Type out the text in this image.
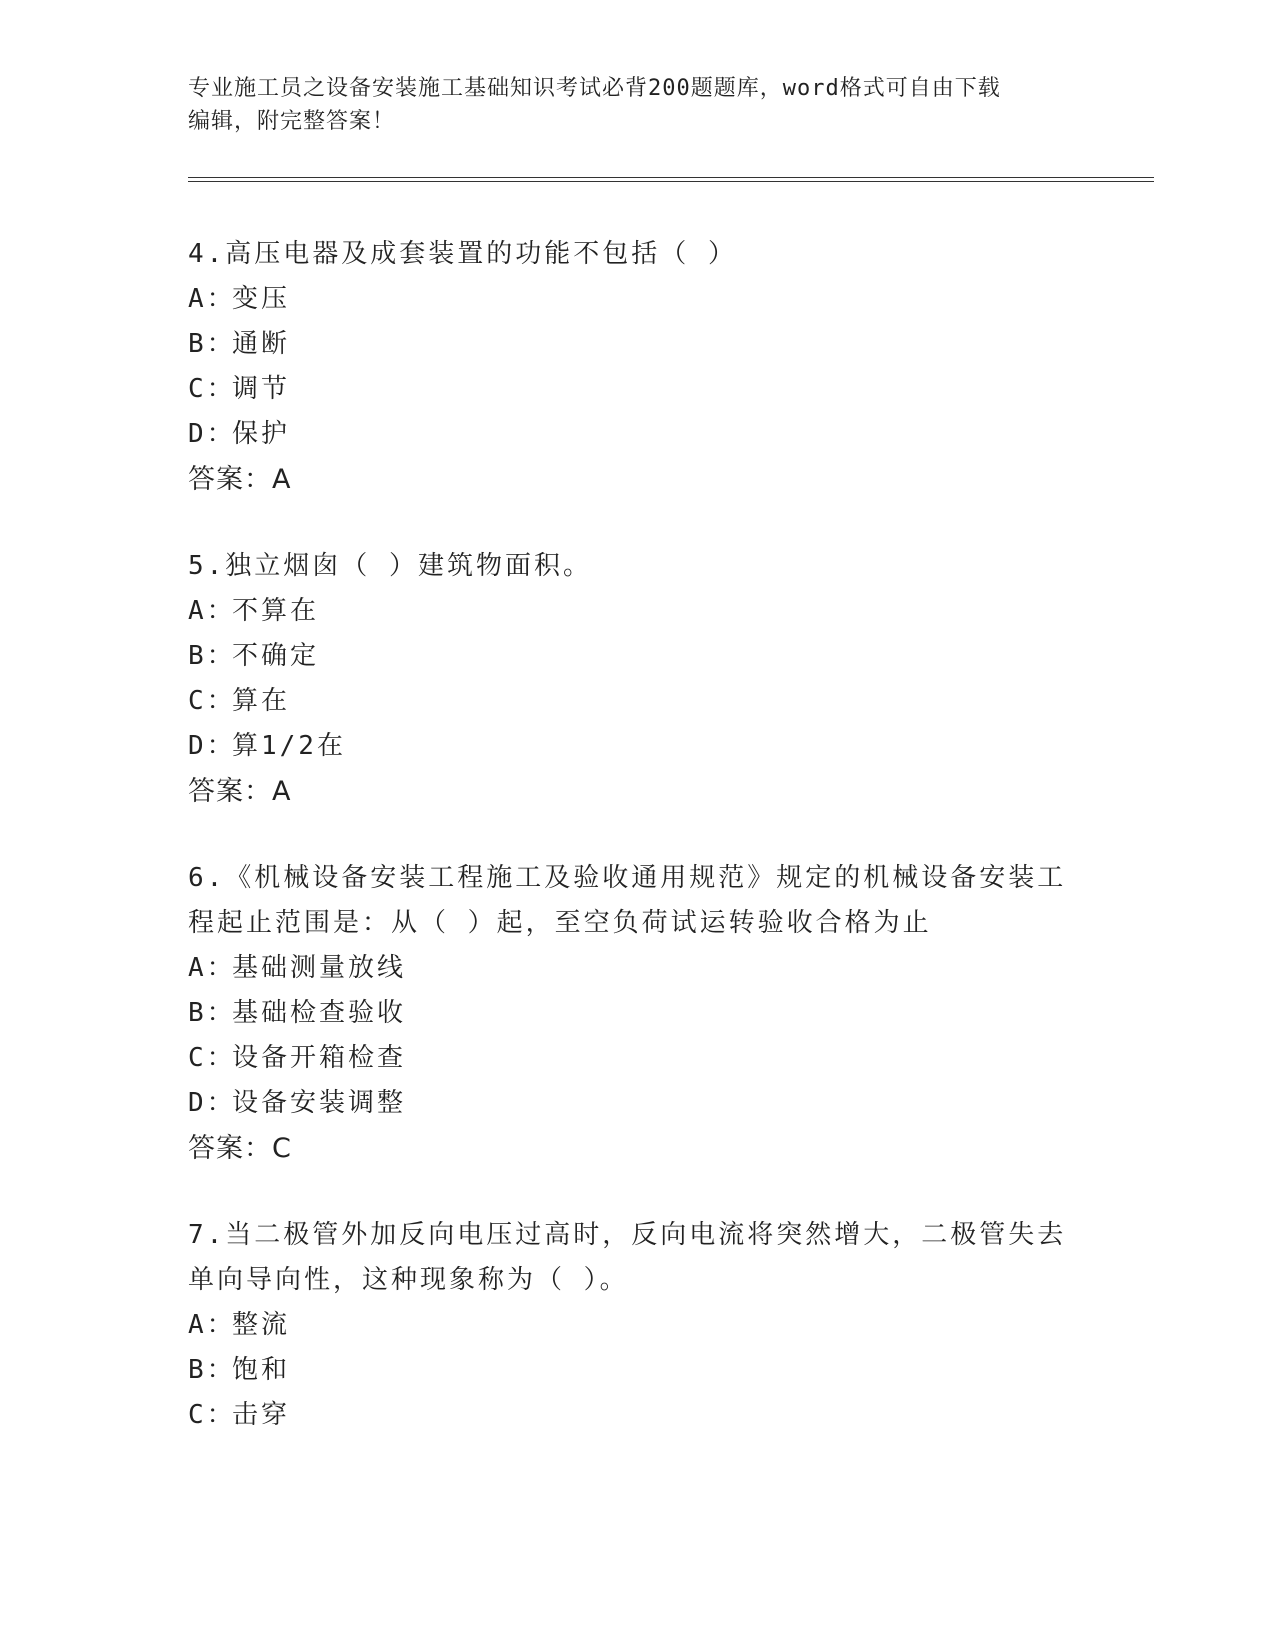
专业施工员之设备安装施工基础知识考试必背200题题库，word格式可自由下载
编辑，附完整答案！
4.高压电器及成套装置的功能不包括（ ）
A：变压
B：通断
C：调节
D：保护
答案：A
5.独立烟囱（ ）建筑物面积。
A：不算在
B：不确定
C：算在
D：算1/2在
答案：A
6.《机械设备安装工程施工及验收通用规范》规定的机械设备安装工程起止范围是：从（ ）起，至空负荷试运转验收合格为止
A：基础测量放线
B：基础检查验收
C：设备开箱检查
D：设备安装调整
答案：C
7.当二极管外加反向电压过高时，反向电流将突然增大，二极管失去单向导向性，这种现象称为（ ）。
A：整流
B：饱和
C：击穿
